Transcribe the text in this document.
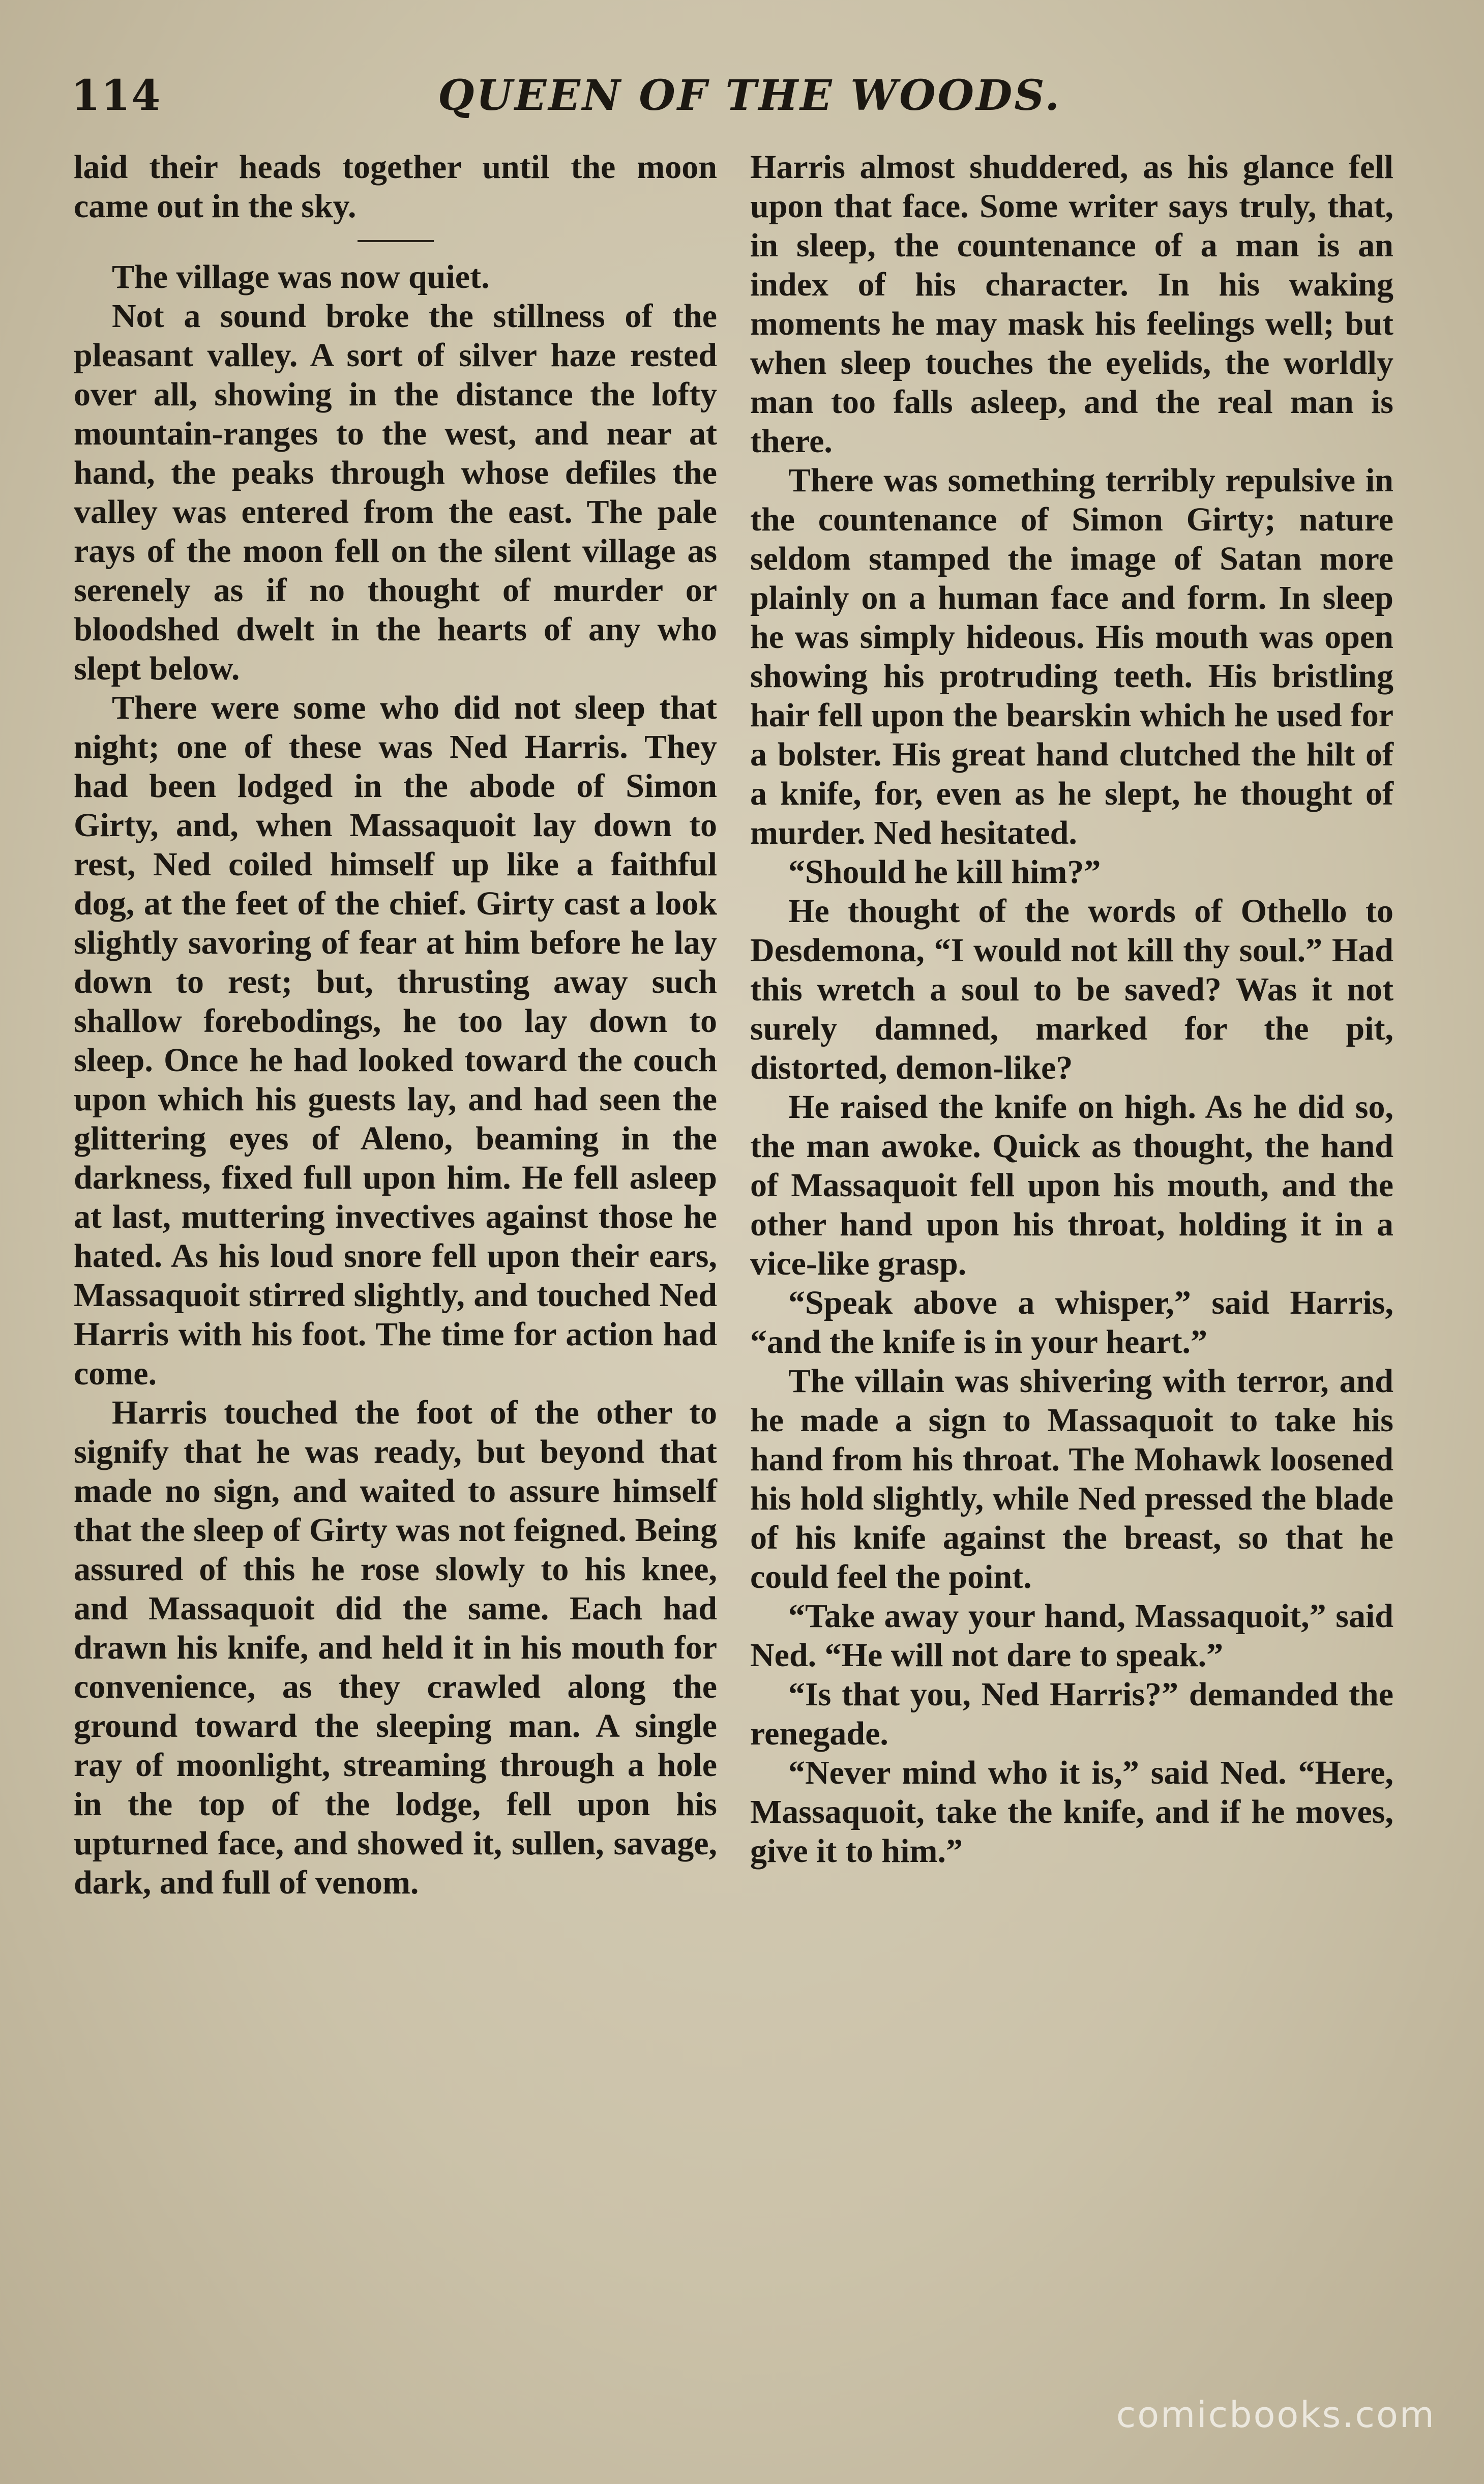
114	QUEEN OF THE WOODS.

laid their heads together until the moon came out in the sky.

The village was now quiet.

Not a sound broke the stillness of the pleasant valley. A sort of silver haze rested over all, showing in the distance the lofty mountain-ranges to the west, and near at hand, the peaks through whose defiles the valley was entered from the east. The pale rays of the moon fell on the silent village as serenely as if no thought of murder or bloodshed dwelt in the hearts of any who slept below.

There were some who did not sleep that night; one of these was Ned Harris. They had been lodged in the abode of Simon Girty, and, when Massaquoit lay down to rest, Ned coiled himself up like a faithful dog, at the feet of the chief. Girty cast a look slightly savoring of fear at him before he lay down to rest; but, thrusting away such shallow forebodings, he too lay down to sleep. Once he had looked toward the couch upon which his guests lay, and had seen the glittering eyes of Aleno, beaming in the darkness, fixed full upon him. He fell asleep at last, muttering invectives against those he hated. As his loud snore fell upon their ears, Massaquoit stirred slightly, and touched Ned Harris with his foot. The time for action had come.

Harris touched the foot of the other to signify that he was ready, but beyond that made no sign, and waited to assure himself that the sleep of Girty was not feigned. Being assured of this he rose slowly to his knee, and Massaquoit did the same. Each had drawn his knife, and held it in his mouth for convenience, as they crawled along the ground toward the sleeping man. A single ray of moonlight, streaming through a hole in the top of the lodge, fell upon his upturned face, and showed it, sullen, savage, dark, and full of venom.

Harris almost shuddered, as his glance fell upon that face. Some writer says truly, that, in sleep, the countenance of a man is an index of his character. In his waking moments he may mask his feelings well; but when sleep touches the eyelids, the worldly man too falls asleep, and the real man is there.

There was something terribly repulsive in the countenance of Simon Girty; nature seldom stamped the image of Satan more plainly on a human face and form. In sleep he was simply hideous. His mouth was open showing his protruding teeth. His bristling hair fell upon the bearskin which he used for a bolster. His great hand clutched the hilt of a knife, for, even as he slept, he thought of murder. Ned hesitated.

“Should he kill him?”

He thought of the words of Othello to Desdemona, “I would not kill thy soul.” Had this wretch a soul to be saved? Was it not surely damned, marked for the pit, distorted, demon-like?

He raised the knife on high. As he did so, the man awoke. Quick as thought, the hand of Massaquoit fell upon his mouth, and the other hand upon his throat, holding it in a vice-like grasp.

“Speak above a whisper,” said Harris, “and the knife is in your heart.”

The villain was shivering with terror, and he made a sign to Massaquoit to take his hand from his throat. The Mohawk loosened his hold slightly, while Ned pressed the blade of his knife against the breast, so that he could feel the point.

“Take away your hand, Massaquoit,” said Ned. “He will not dare to speak.”

“Is that you, Ned Harris?” demanded the renegade.

“Never mind who it is,” said Ned. “Here, Massaquoit, take the knife, and if he moves, give it to him.”

comicbooks.com
